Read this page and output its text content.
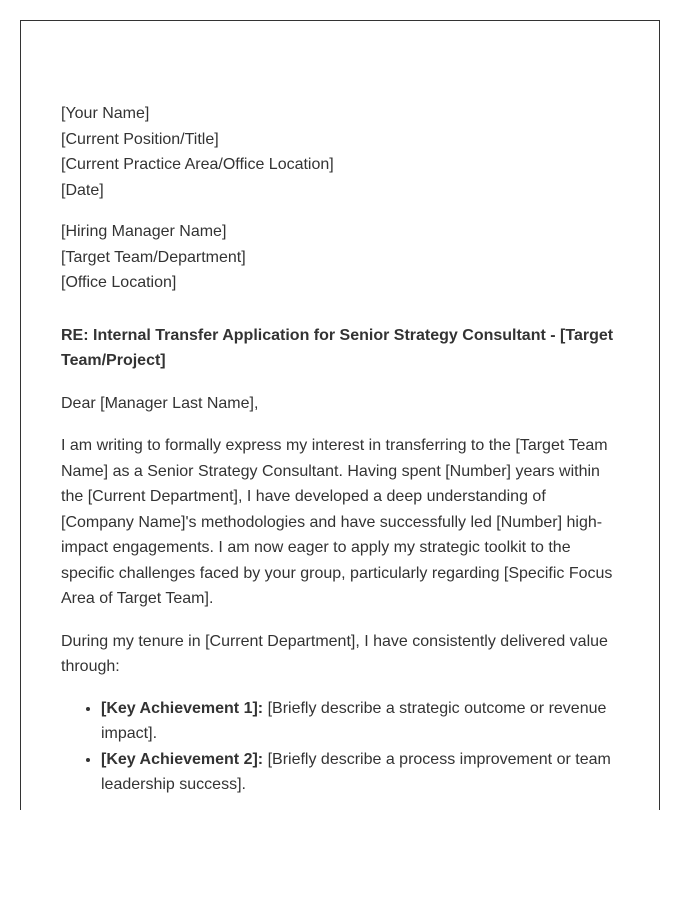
[Your Name]
[Current Position/Title]
[Current Practice Area/Office Location]
[Date]
[Hiring Manager Name]
[Target Team/Department]
[Office Location]

RE: Internal Transfer Application for Senior Strategy Consultant - [Target Team/Project]

Dear [Manager Last Name],

I am writing to formally express my interest in transferring to the [Target Team Name] as a Senior Strategy Consultant. Having spent [Number] years within the [Current Department], I have developed a deep understanding of [Company Name]'s methodologies and have successfully led [Number] high-impact engagements. I am now eager to apply my strategic toolkit to the specific challenges faced by your group, particularly regarding [Specific Focus Area of Target Team].

During my tenure in [Current Department], I have consistently delivered value through:

• [Key Achievement 1]: [Briefly describe a strategic outcome or revenue impact].
• [Key Achievement 2]: [Briefly describe a process improvement or team leadership success].
